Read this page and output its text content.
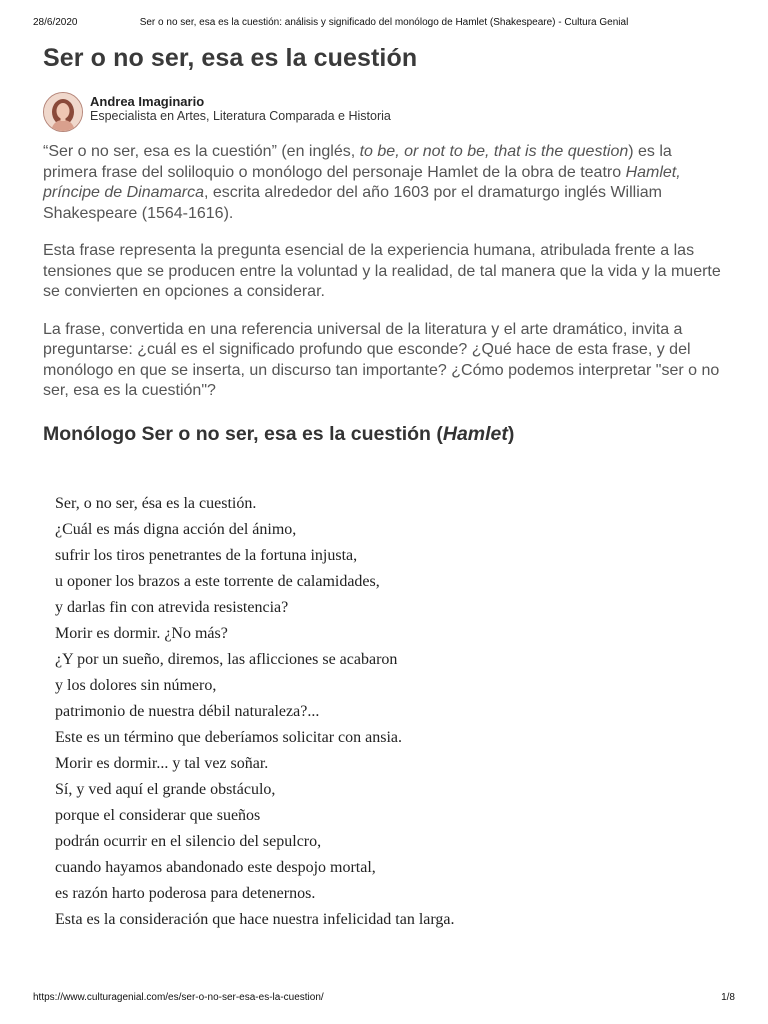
28/6/2020	Ser o no ser, esa es la cuestión: análisis y significado del monólogo de Hamlet (Shakespeare) - Cultura Genial
Ser o no ser, esa es la cuestión
Andrea Imaginario
Especialista en Artes, Literatura Comparada e Historia

“Ser o no ser, esa es la cuestión” (en inglés, to be, or not to be, that is the question) es la primera frase del soliloquio o monólogo del personaje Hamlet de la obra de teatro Hamlet, príncipe de Dinamarca, escrita alrededor del año 1603 por el dramaturgo inglés William Shakespeare (1564-1616).

Esta frase representa la pregunta esencial de la experiencia humana, atribulada frente a las tensiones que se producen entre la voluntad y la realidad, de tal manera que la vida y la muerte se convierten en opciones a considerar.

La frase, convertida en una referencia universal de la literatura y el arte dramático, invita a preguntarse: ¿cuál es el significado profundo que esconde? ¿Qué hace de esta frase, y del monólogo en que se inserta, un discurso tan importante? ¿Cómo podemos interpretar "ser o no ser, esa es la cuestión"?

Monólogo Ser o no ser, esa es la cuestión (Hamlet)
Ser, o no ser, ésa es la cuestión.
¿Cuál es más digna acción del ánimo,
sufrir los tiros penetrantes de la fortuna injusta,
u oponer los brazos a este torrente de calamidades,
y darlas fin con atrevida resistencia?
Morir es dormir. ¿No más?
¿Y por un sueño, diremos, las aflicciones se acabaron
y los dolores sin número,
patrimonio de nuestra débil naturaleza?...
Este es un término que deberíamos solicitar con ansia.
Morir es dormir... y tal vez soñar.
Sí, y ved aquí el grande obstáculo,
porque el considerar que sueños
podrán ocurrir en el silencio del sepulcro,
cuando hayamos abandonado este despojo mortal,
es razón harto poderosa para detenernos.
Esta es la consideración que hace nuestra infelicidad tan larga.
https://www.culturagenial.com/es/ser-o-no-ser-esa-es-la-cuestion/	1/8
